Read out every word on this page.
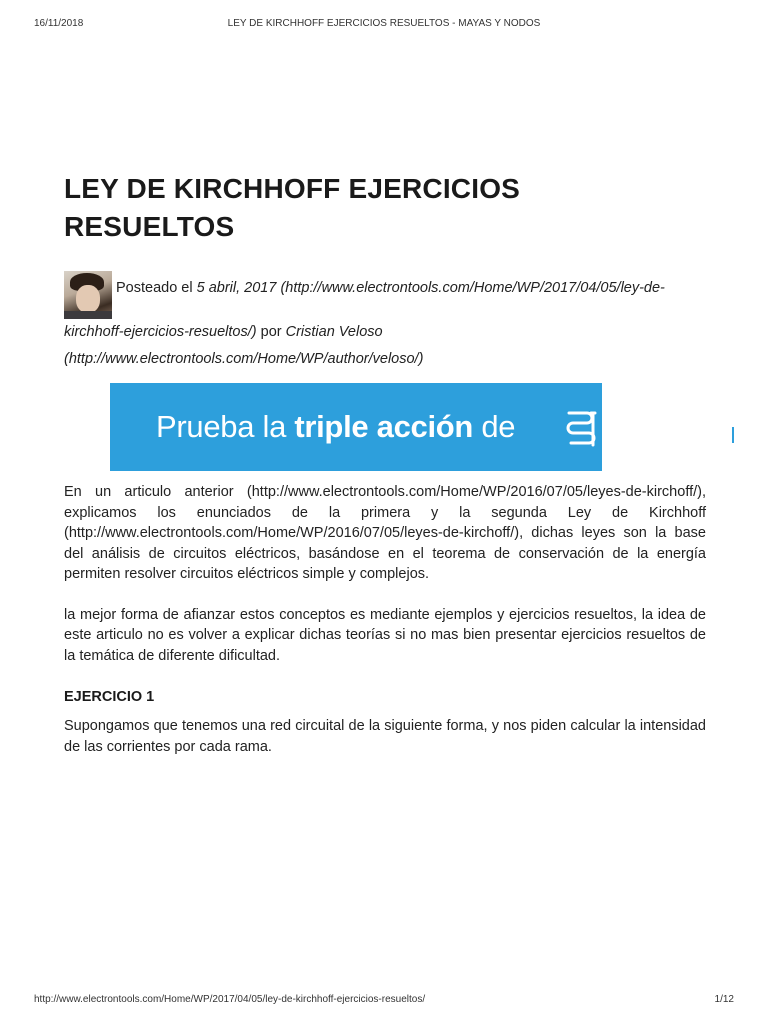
16/11/2018	LEY DE KIRCHHOFF EJERCICIOS RESUELTOS - MAYAS Y NODOS
LEY DE KIRCHHOFF EJERCICIOS
RESUELTOS
Posteado el 5 abril, 2017 (http://www.electrontools.com/Home/WP/2017/04/05/ley-de-
kirchhoff-ejercicios-resueltos/) por Cristian Veloso
(http://www.electrontools.com/Home/WP/author/veloso/)
Prueba la triple acción de

En un articulo anterior (http://www.electrontools.com/Home/WP/2016/07/05/leyes-de-kirchoff/), explicamos los enunciados de la primera y la segunda Ley de Kirchhoff (http://www.electrontools.com/Home/WP/2016/07/05/leyes-de-kirchoff/), dichas leyes son la base del análisis de circuitos eléctricos, basándose en el teorema de conservación de la energía permiten resolver circuitos eléctricos simple y complejos.

la mejor forma de afianzar estos conceptos es mediante ejemplos y ejercicios resueltos, la idea de este articulo no es volver a explicar dichas teorías si no mas bien presentar ejercicios resueltos de la temática de diferente dificultad.

EJERCICIO 1

Supongamos que tenemos una red circuital de la siguiente forma, y nos piden calcular la intensidad de las corrientes por cada rama.

http://www.electrontools.com/Home/WP/2017/04/05/ley-de-kirchhoff-ejercicios-resueltos/	1/12
